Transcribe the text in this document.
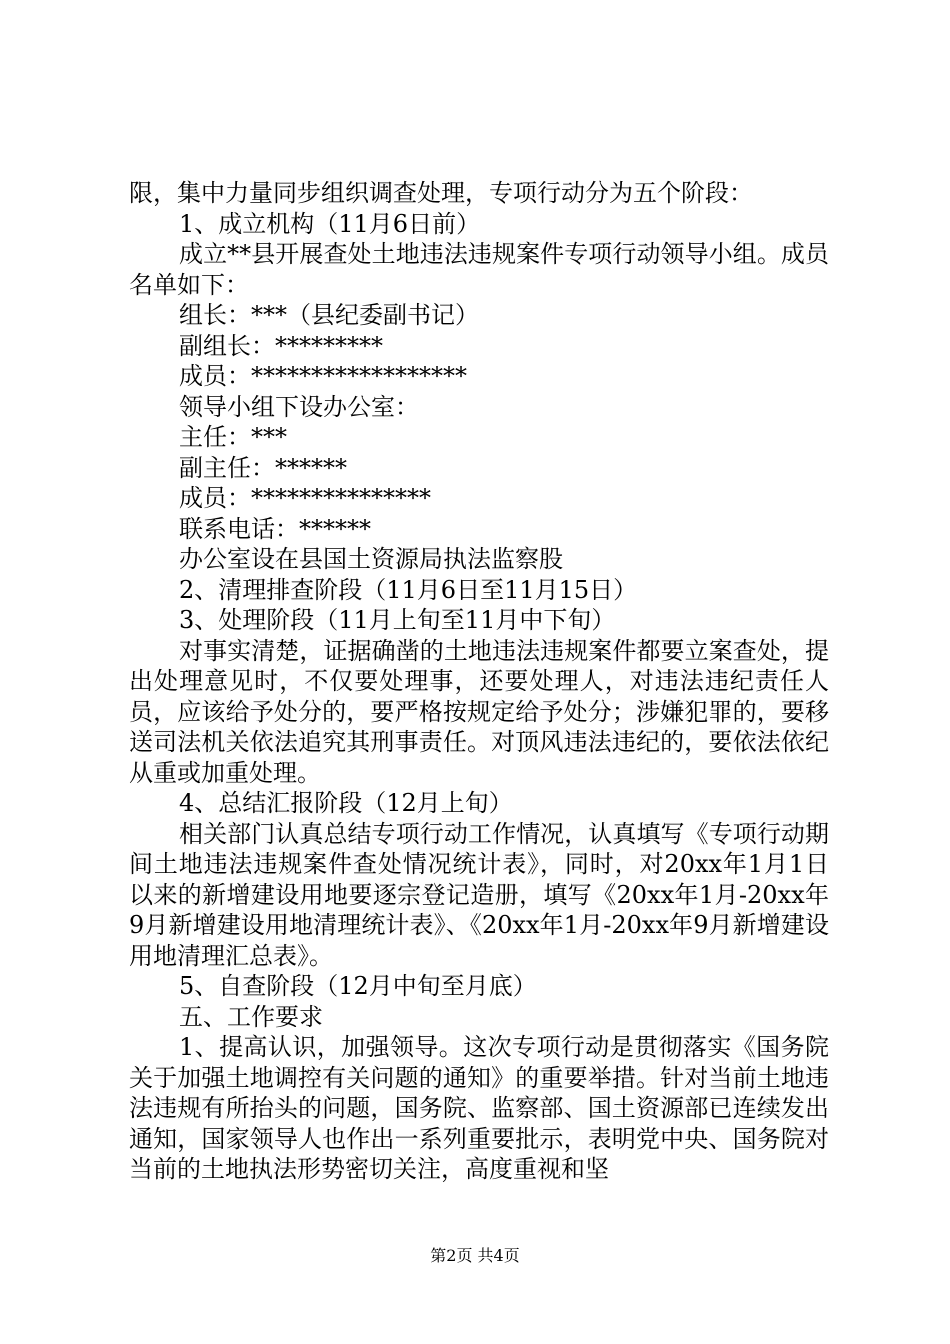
限，集中力量同步组织调查处理，专项行动分为五个阶段：

1、成立机构（11月6日前）

成立**县开展查处土地违法违规案件专项行动领导小组。成员名单如下：

组长：***（县纪委副书记）

副组长：*********

成员：******************

领导小组下设办公室：

主任：***

副主任：******

成员：***************

联系电话：******

办公室设在县国土资源局执法监察股

2、清理排查阶段（11月6日至11月15日）

3、处理阶段（11月上旬至11月中下旬）

对事实清楚，证据确凿的土地违法违规案件都要立案查处，提出处理意见时，不仅要处理事，还要处理人，对违法违纪责任人员，应该给予处分的，要严格按规定给予处分；涉嫌犯罪的，要移送司法机关依法追究其刑事责任。对顶风违法违纪的，要依法依纪从重或加重处理。

4、总结汇报阶段（12月上旬）

相关部门认真总结专项行动工作情况，认真填写《专项行动期间土地违法违规案件查处情况统计表》，同时，对20xx年1月1日以来的新增建设用地要逐宗登记造册，填写《20xx年1月-20xx年9月新增建设用地清理统计表》、《20xx年1月-20xx年9月新增建设用地清理汇总表》。

5、自查阶段（12月中旬至月底）

五、工作要求

1、提高认识，加强领导。这次专项行动是贯彻落实《国务院关于加强土地调控有关问题的通知》的重要举措。针对当前土地违法违规有所抬头的问题，国务院、监察部、国土资源部已连续发出通知，国家领导人也作出一系列重要批示，表明党中央、国务院对当前的土地执法形势密切关注，高度重视和坚

第2页 共4页
